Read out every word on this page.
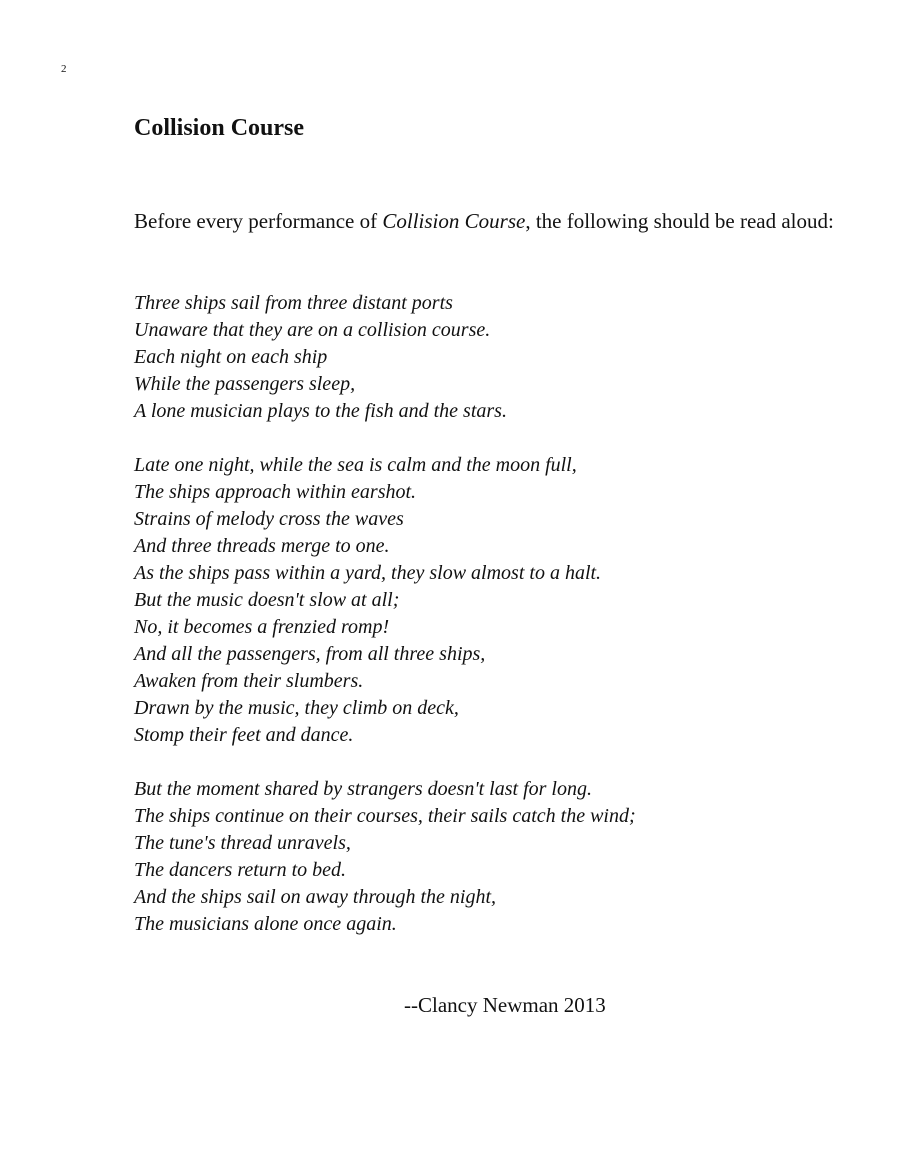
2

Collision Course

Before every performance of Collision Course, the following should be read aloud:

Three ships sail from three distant ports
Unaware that they are on a collision course.
Each night on each ship
While the passengers sleep,
A lone musician plays to the fish and the stars.
Late one night, while the sea is calm and the moon full,
The ships approach within earshot.
Strains of melody cross the waves
And three threads merge to one.
As the ships pass within a yard, they slow almost to a halt.
But the music doesn't slow at all;
No, it becomes a frenzied romp!
And all the passengers, from all three ships,
Awaken from their slumbers.
Drawn by the music, they climb on deck,
Stomp their feet and dance.
But the moment shared by strangers doesn't last for long.
The ships continue on their courses, their sails catch the wind;
The tune's thread unravels,
The dancers return to bed.
And the ships sail on away through the night,
The musicians alone once again.

--Clancy Newman 2013
